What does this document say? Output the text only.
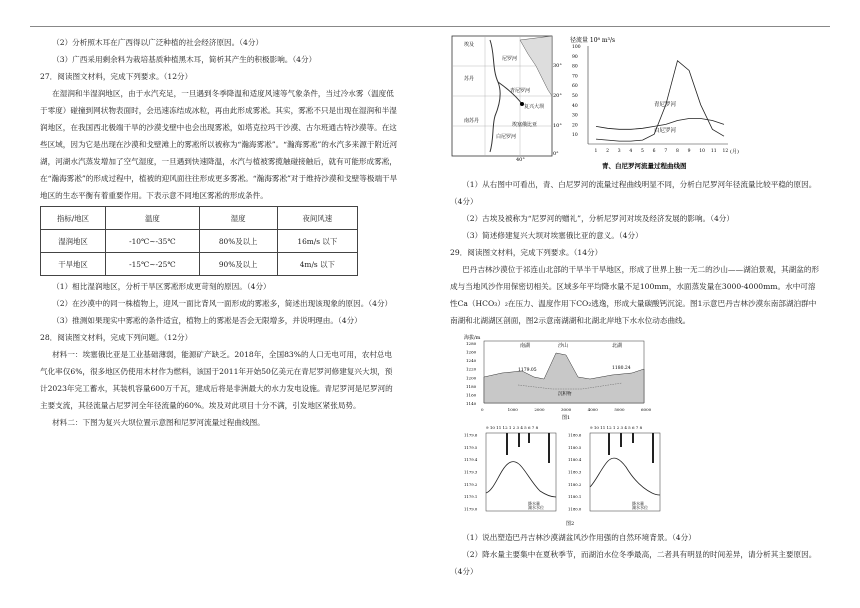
（2）分析照木耳在广西得以广泛种植的社会经济原因。（4分）

（3）广西采用剩余料为栽培基质种植黑木耳，简析其产生的积极影响。（4分）

27．阅读图文材料，完成下列要求。（12分）

在湿润和半湿润地区，由于水汽充足，一旦遇到冬季降温和适度风速等气象条件，当过冷水雾（温度低于零度）碰撞到网状物表面时，会迅速冻结成冰粒，再由此形成雾凇。其实，雾凇不只是出现在湿润和半湿润地区，在我国西北极端干旱的沙漠戈壁中也会出现雾凇，如塔克拉玛干沙漠、古尔班通古特沙漠等。在这些区域，因为它是出现在沙漠和戈壁滩上的雾凇所以被称为“瀚海雾凇”。“瀚海雾凇”的水汽多来源于附近河湖，河湖水汽蒸发增加了空气湿度，一旦遇到快速降温，水汽与植被雾揽触碰接触后，就有可能形成雾凇，在“瀚海雾凇”的形成过程中，植被的迎风面往往形成更多雾凇。“瀚海雾凇”对于维持沙漠和戈壁等极端干旱地区的生态平衡有着重要作用。下表示意不同地区雾凇的形成条件。

指标/地区	温度	湿度	夜间风速
湿润地区	-10℃~-35℃	80%及以上	16m/s 以下
干旱地区	-15℃~-25℃	90%及以上	4m/s 以下

（1）相比湿润地区，分析干旱区雾凇形成更苛刻的原因。（4分）

（2）在沙漠中的同一株植物上，迎风一面比背风一面形成的雾凇多，简述出现该现象的原因。（4分）

（3）推测如果现实中雾凇的条件适宜，植物上的雾凇是否会无限增多，并说明理由。（4分）

28．阅读图文材料，完成下列问题。（12分）

材料一：埃塞俄比亚是工业基础薄弱，能源矿产缺乏。2018年，全国83%的人口无电可用，农村总电气化率仅6%，很多地区仍使用木材作为燃料，该国于2011年开始50亿美元在青尼罗河修建复兴大坝，预计2023年完工蓄水，其装机容量600万千瓦，建成后将是非洲最大的水力发电设施。青尼罗河是尼罗河的主要支流，其径流量占尼罗河全年径流量的60%。埃及对此项目十分不满，引发地区紧张局势。

材料二：下图为复兴大坝位置示意图和尼罗河流量过程曲线图。

埃及
苏丹
南苏丹
埃塞俄比亚
复兴大坝
尼罗河
青尼罗河
白尼罗河
30°
20°
10°
0°
40°
径流量 10⁸ m³/s
100
90
80
70
60
50
40
30
20
10
1 2 3 4 5 6 7 8 9 10 11 12 (月)
青尼罗河
白尼罗河
青、白尼罗河流量过程曲线图

（1）从右图中可看出，青、白尼罗河的流量过程曲线明显不同，分析白尼罗河年径流量比较平稳的原因。（4分）

（2）古埃及被称为“尼罗河的赠礼”，分析尼罗河对埃及经济发展的影响。（4分）

（3）简述修建复兴大坝对埃塞俄比亚的意义。（4分）

29．阅读图文材料，完成下列要求。（14分）

巴丹吉林沙漠位于祁连山北部的干旱半干旱地区，形成了世界上独一无二的沙山——湖泊景观，其湖盆的形成与当地风沙作用保密切相关。区域多年平均降水量不足100mm，水面蒸发量在3000-4000mm。水中可溶性Ca（HCO₃）₂在压力、温度作用下CO₂逃逸，形成大量碳酸钙沉淀。图1示意巴丹吉林沙漠东南部湖泊群中南湖和北湖湖区剖面，图2示意南湖湖和北湖北岸地下水水位动态曲线。

海拔/m
南湖	沙山	北湖
1179.05	1180.24
沉积物
1280
1260
1240
1220
1200
1180
1160
1140
0	1000	2000	3000	4000	5000	6000
图1
9 10 11 12 1 2 3 4 5 6 7 8	9 10 11 12 1 2 3 4 5 6 7 8
1179.6
1179.5
1179.4
1179.3
1179.2
1179.1
1179.0
1180.6
1180.5
1180.4
1180.3
1180.2
1180.1
1180.0
降水量
湖水水位
降水量
湖水水位
图2

（1）说出塑造巴丹吉林沙漠湖盆风沙作用强的自然环境背景。（4分）

（2）降水量主要集中在夏秋季节，而湖泊水位冬季最高，二者具有明显的时间差异，请分析其主要原因。（4分）
